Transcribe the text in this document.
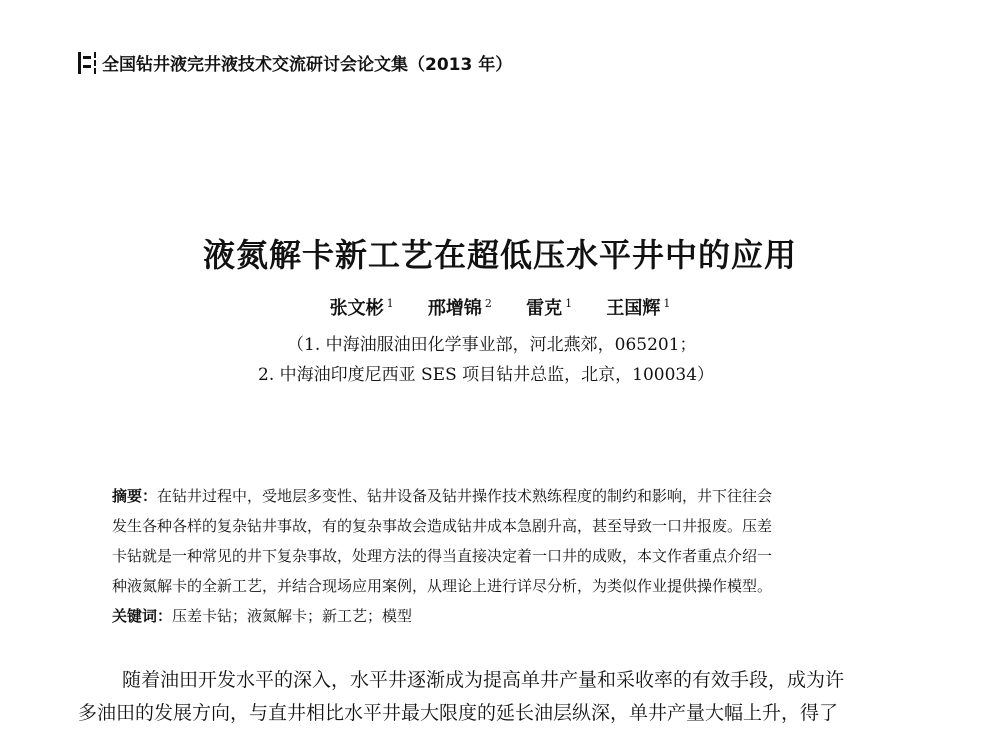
全国钻井液完井液技术交流研讨会论文集（2013 年）
液氮解卡新工艺在超低压水平井中的应用
张文彬 $^1$ 邢增锦 $^2$ 雷克 $^1$ 王国辉 $^1$
（1. 中海油服油田化学事业部，河北燕郊，065201；
2. 中海油印度尼西亚 SES 项目钻井总监，北京，100034）
摘要：在钻井过程中，受地层多变性、钻井设备及钻井操作技术熟练程度的制约和影响，井下往往会
发生各种各样的复杂钻井事故，有的复杂事故会造成钻井成本急剧升高，甚至导致一口井报废。压差
卡钻就是一种常见的井下复杂事故，处理方法的得当直接决定着一口井的成败，本文作者重点介绍一
种液氮解卡的全新工艺，并结合现场应用案例，从理论上进行详尽分析，为类似作业提供操作模型。
关键词：压差卡钻；液氮解卡；新工艺；模型
随着油田开发水平的深入，水平井逐渐成为提高单井产量和采收率的有效手段，成为许
多油田的发展方向，与直井相比水平井最大限度的延长油层纵深，单井产量大幅上升，得了
